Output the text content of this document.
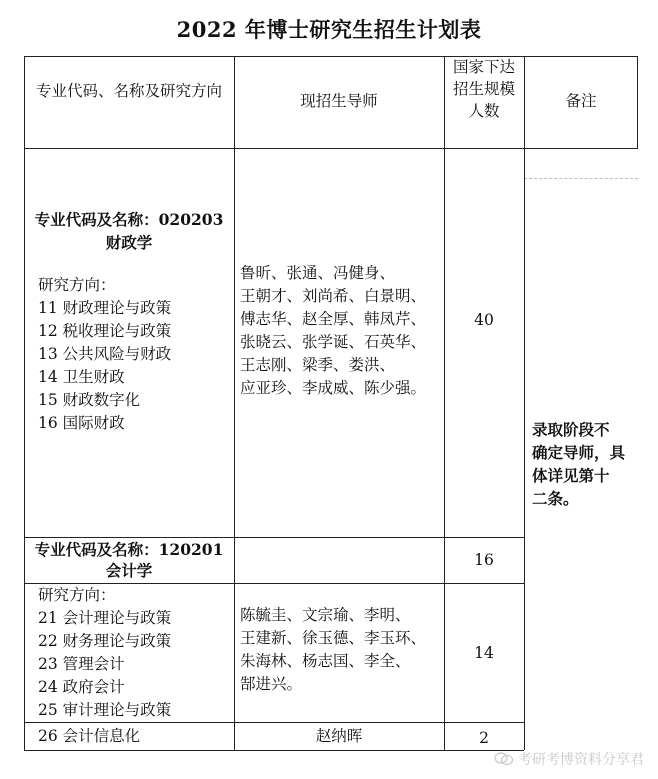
2022 年博士研究生招生计划表
专业代码、名称及研究方向
现招生导师
国家下达招生规模人数
备注
专业代码及名称：020203
财政学
研究方向：
11 财政理论与政策
12 税收理论与政策
13 公共风险与财政
14 卫生财政
15 财政数字化
16 国际财政
鲁昕、张通、冯健身、
王朝才、刘尚希、白景明、
傅志华、赵全厚、韩凤芹、
张晓云、张学诞、石英华、
王志刚、梁季、娄洪、
应亚珍、李成威、陈少强。
40
专业代码及名称：120201
会计学
16
研究方向：
21 会计理论与政策
22 财务理论与政策
23 管理会计
24 政府会计
25 审计理论与政策
陈毓圭、文宗瑜、李明、
王建新、徐玉德、李玉环、
朱海林、杨志国、李全、
郜进兴。
14
26 会计信息化	赵纳晖	2
录取阶段不
确定导师，具
体详见第十
二条。
考研考博资料分享君
